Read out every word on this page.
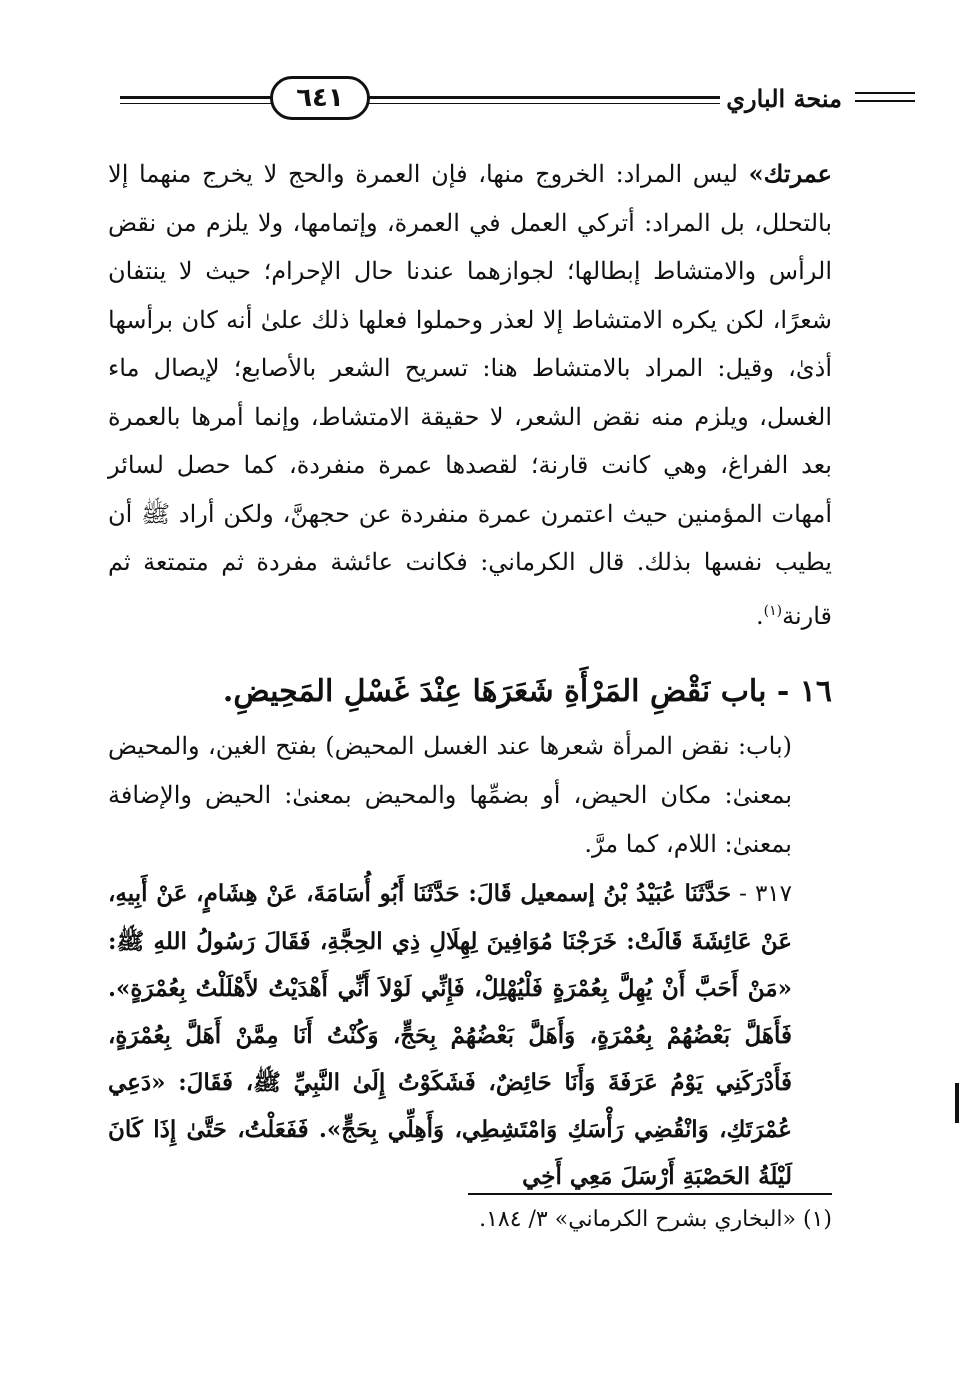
٦٤١	منحة الباري

عمرتك» ليس المراد: الخروج منها، فإن العمرة والحج لا يخرج منهما إلا بالتحلل، بل المراد: أتركي العمل في العمرة، وإتمامها، ولا يلزم من نقض الرأس والامتشاط إبطالها؛ لجوازهما عندنا حال الإحرام؛ حيث لا ينتفان شعرًا، لكن يكره الامتشاط إلا لعذر وحملوا فعلها ذلك علىٰ أنه كان برأسها أذىٰ، وقيل: المراد بالامتشاط هنا: تسريح الشعر بالأصابع؛ لإيصال ماء الغسل، ويلزم منه نقض الشعر، لا حقيقة الامتشاط، وإنما أمرها بالعمرة بعد الفراغ، وهي كانت قارنة؛ لقصدها عمرة منفردة، كما حصل لسائر أمهات المؤمنين حيث اعتمرن عمرة منفردة عن حجهنَّ، ولكن أراد ﷺ أن يطيب نفسها بذلك. قال الكرماني: فكانت عائشة مفردة ثم متمتعة ثم قارنة$^{(١)}$.

١٦ - باب نَقْضِ المَرْأَةِ شَعَرَهَا عِنْدَ غَسْلِ المَحِيضِ.

(باب: نقض المرأة شعرها عند الغسل المحيض) بفتح الغين، والمحيض بمعنىٰ: مكان الحيض، أو بضمِّها والمحيض بمعنىٰ: الحيض والإضافة بمعنىٰ: اللام، كما مرَّ.

٣١٧ - حَدَّثَنَا عُبَيْدُ بْنُ إسمعيل قَالَ: حَدَّثَنَا أَبُو أُسَامَةَ، عَنْ هِشَامٍ، عَنْ أَبِيهِ، عَنْ عَائِشَةَ قَالَتْ: خَرَجْنَا مُوَافِينَ لِهِلَالِ ذِي الحِجَّةِ، فَقَالَ رَسُولُ اللهِ ﷺ: «مَنْ أَحَبَّ أَنْ يُهِلَّ بِعُمْرَةٍ فَلْيُهْلِلْ، فَإِنِّي لَوْلاَ أَنِّي أَهْدَيْتُ لأَهْلَلْتُ بِعُمْرَةٍ». فَأَهَلَّ بَعْضُهُمْ بِعُمْرَةٍ، وَأَهَلَّ بَعْضُهُمْ بِحَجٍّ، وَكُنْتُ أَنَا مِمَّنْ أَهَلَّ بِعُمْرَةٍ، فَأَدْرَكَنِي يَوْمُ عَرَفَةَ وَأَنَا حَائِضٌ، فَشَكَوْتُ إِلَىٰ النَّبِيِّ ﷺ، فَقَالَ: «دَعِي عُمْرَتَكِ، وَانْقُضِي رَأْسَكِ وَامْتَشِطِي، وَأَهِلِّي بِحَجٍّ». فَفَعَلْتُ، حَتَّىٰ إِذَا كَانَ لَيْلَةُ الحَصْبَةِ أَرْسَلَ مَعِي أَخِي

(١) «البخاري بشرح الكرماني» ٣/ ١٨٤.
